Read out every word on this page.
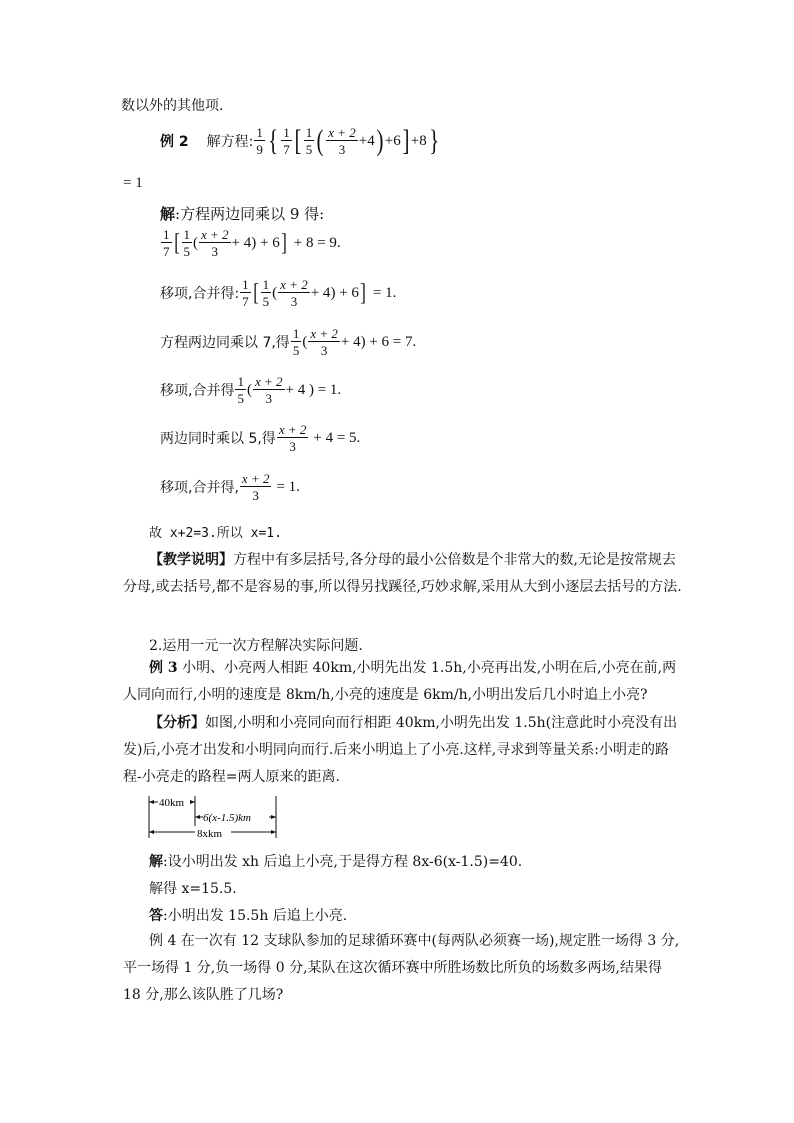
数以外的其他项.
例 2 解方程: $\frac{1}{9}$ { $\frac{1}{7}$ [ $\frac{1}{5}$ ( $\frac{x + 2}{3} +4$ ) +6 ] +8 }
= 1
解:方程两边同乘以 9 得:
$\frac{1}{7}$ [ $\frac{1}{5}$ ( $\frac{x + 2}{3} + 4$ )
+ 6 ] + 8 = 9.
移项,合并得: $\frac{1}{7}$ [ $\frac{1}{5}$ ( $\frac{x + 2}{3} + 4$ )
+ 6 ] = 1.
方程两边同乘以 7,得 $\frac{1}{5}$ ( $\frac{x + 2}{3} + 4$ )
+ 6 = 7.
移项,合并得 $\frac{1}{5}$ ( $\frac{x + 2}{3} + 4$
) = 1.
两边同时乘以 5,得 $\frac{x + 2}{3} + 4 = 5$.
移项,合并得, $\frac{x + 2}{3} = 1$.
故 x+2=3.所以 x=1.
【教学说明】方程中有多层括号,各分母的最小公倍数是个非常大的数,无论是按常规去分母,或去括号,都不是容易的事,所以得另找蹊径,巧妙求解,采用从大到小逐层去括号的方法.
2.运用一元一次方程解决实际问题.
例 3 小明、小亮两人相距 40km,小明先出发 1.5h,小亮再出发,小明在后,小亮在前,两人同向而行,小明的速度是 8km/h,小亮的速度是 6km/h,小明出发后几小时追上小亮?
【分析】如图,小明和小亮同向而行相距 40km,小明先出发 1.5h(注意此时小亮没有出发)后,小亮才出发和小明同向而行.后来小明追上了小亮.这样,寻求到等量关系:小明走的路程-小亮走的路程=两人原来的距离.
40km
6(x-1.5)km
8xkm
解:设小明出发 xh 后追上小亮,于是得方程 8x-6(x-1.5)=40.
解得 x=15.5.
答:小明出发 15.5h 后追上小亮.
例 4 在一次有 12 支球队参加的足球循环赛中(每两队必须赛一场),规定胜一场得 3 分,平一场得 1 分,负一场得 0 分,某队在这次循环赛中所胜场数比所负的场数多两场,结果得 18 分,那么该队胜了几场?
